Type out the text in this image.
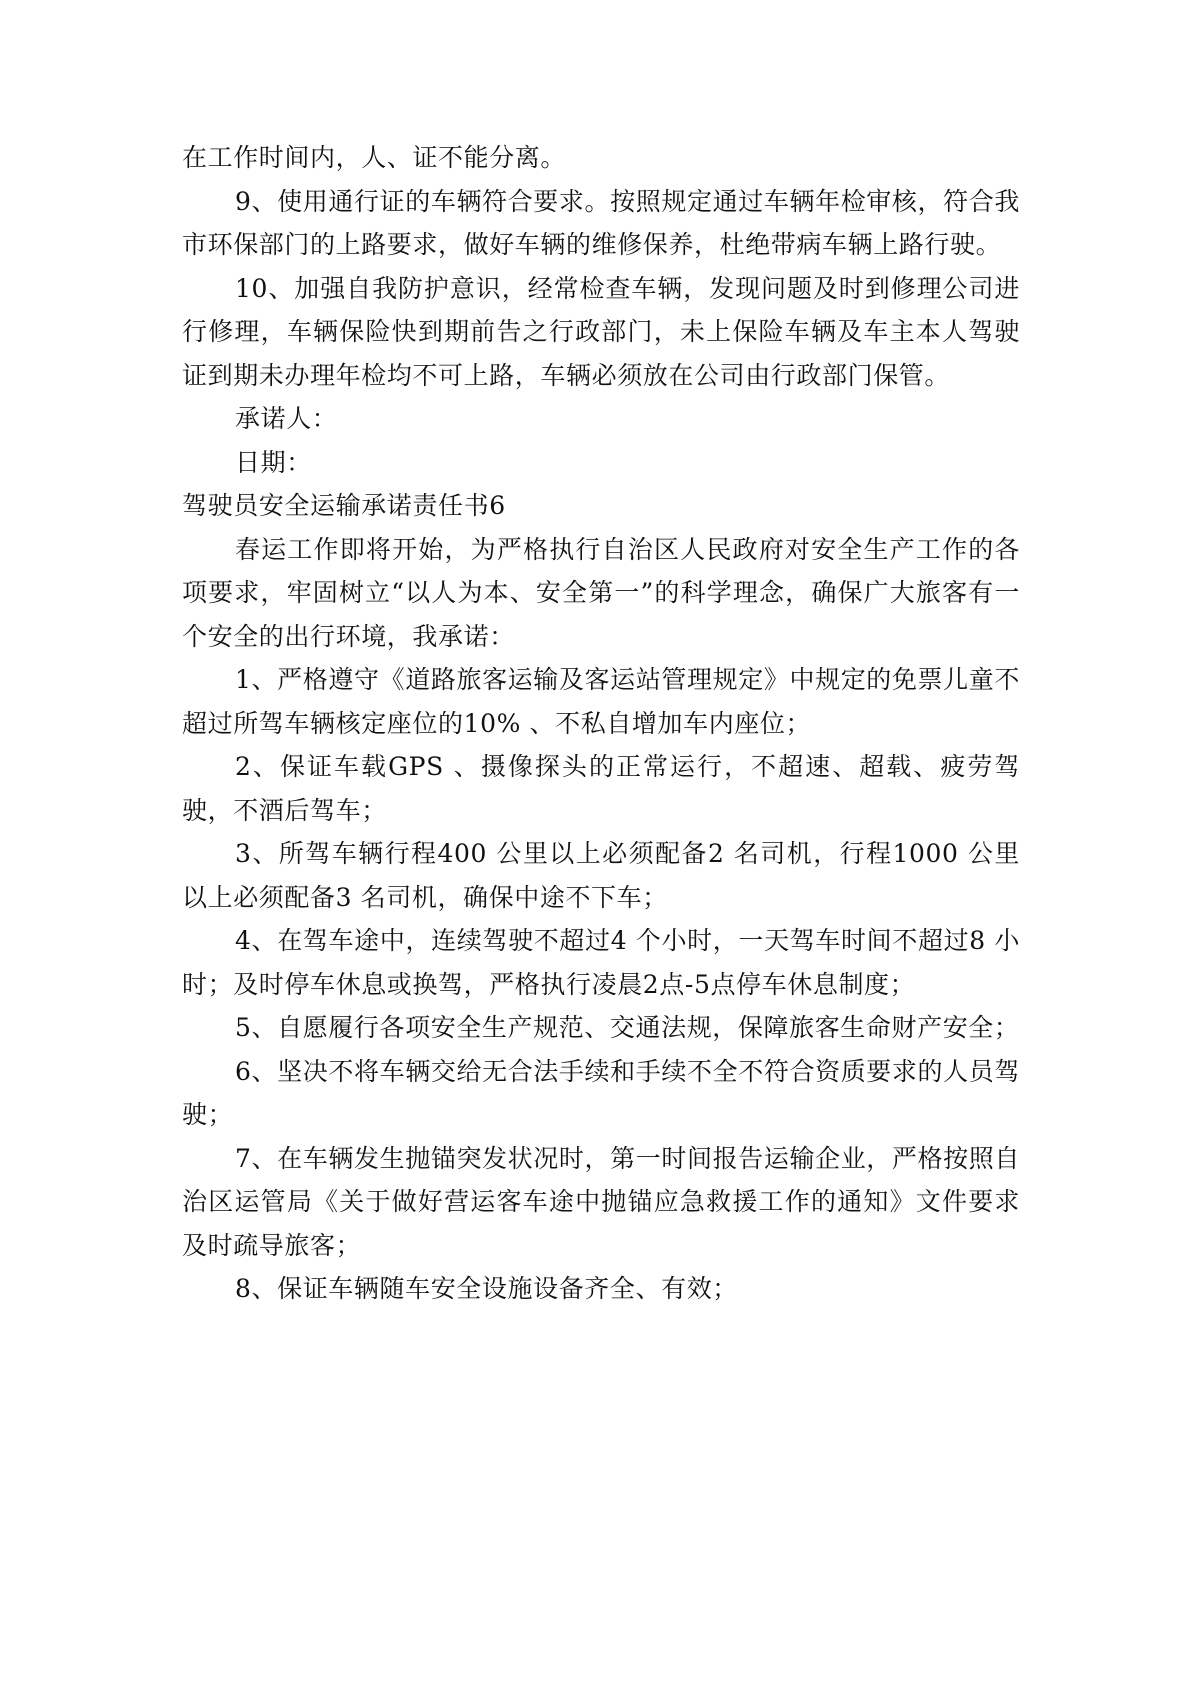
在工作时间内，人、证不能分离。

9、使用通行证的车辆符合要求。按照规定通过车辆年检审核，符合我市环保部门的上路要求，做好车辆的维修保养，杜绝带病车辆上路行驶。

10、加强自我防护意识，经常检查车辆，发现问题及时到修理公司进行修理，车辆保险快到期前告之行政部门，未上保险车辆及车主本人驾驶证到期未办理年检均不可上路，车辆必须放在公司由行政部门保管。

承诺人：

日期：

驾驶员安全运输承诺责任书6

春运工作即将开始，为严格执行自治区人民政府对安全生产工作的各项要求，牢固树立“以人为本、安全第一”的科学理念，确保广大旅客有一个安全的出行环境，我承诺：

1、严格遵守《道路旅客运输及客运站管理规定》中规定的免票儿童不超过所驾车辆核定座位的10% 、不私自增加车内座位；

2、保证车载GPS 、摄像探头的正常运行，不超速、超载、疲劳驾驶，不酒后驾车；

3、所驾车辆行程400 公里以上必须配备2 名司机，行程1000 公里以上必须配备3 名司机，确保中途不下车；

4、在驾车途中，连续驾驶不超过4 个小时，一天驾车时间不超过8 小时；及时停车休息或换驾，严格执行凌晨2点-5点停车休息制度；

5、自愿履行各项安全生产规范、交通法规，保障旅客生命财产安全；

6、坚决不将车辆交给无合法手续和手续不全不符合资质要求的人员驾驶；

7、在车辆发生抛锚突发状况时，第一时间报告运输企业，严格按照自治区运管局《关于做好营运客车途中抛锚应急救援工作的通知》文件要求及时疏导旅客；

8、保证车辆随车安全设施设备齐全、有效；
